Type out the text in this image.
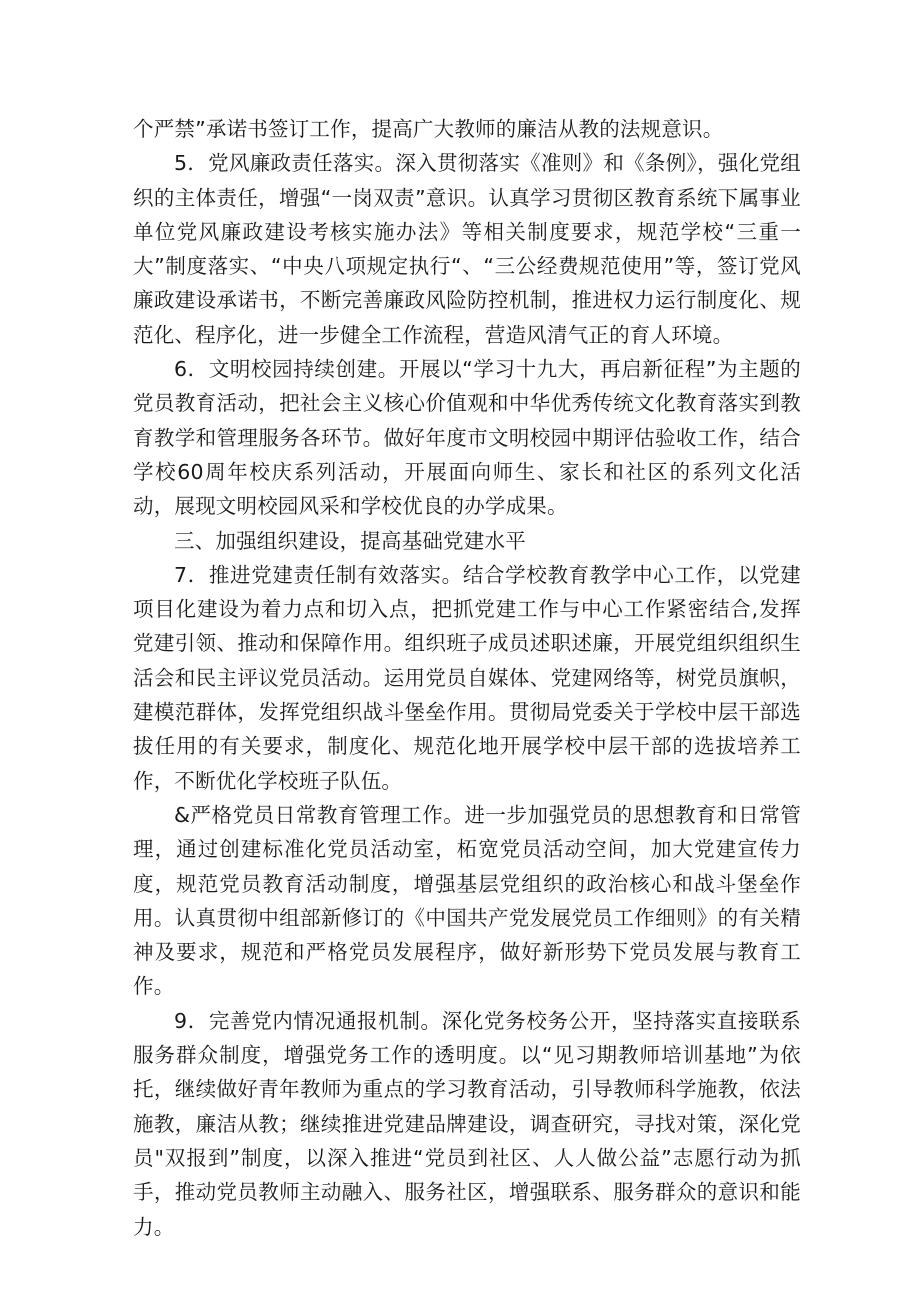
个严禁”承诺书签订工作，提高广大教师的廉洁从教的法规意识。

5．党风廉政责任落实。深入贯彻落实《准则》和《条例》，强化党组织的主体责任，增强“一岗双责”意识。认真学习贯彻区教育系统下属事业单位党风廉政建设考核实施办法》等相关制度要求，规范学校“三重一大”制度落实、“中央八项规定执行“、“三公经费规范使用”等，签订党风廉政建设承诺书，不断完善廉政风险防控机制，推进权力运行制度化、规范化、程序化，进一步健全工作流程，营造风清气正的育人环境。

6．文明校园持续创建。开展以“学习十九大，再启新征程”为主题的党员教育活动，把社会主义核心价值观和中华优秀传统文化教育落实到教育教学和管理服务各环节。做好年度市文明校园中期评估验收工作，结合学校60周年校庆系列活动，开展面向师生、家长和社区的系列文化活动，展现文明校园风采和学校优良的办学成果。

三、加强组织建设，提高基础党建水平

7．推进党建责任制有效落实。结合学校教育教学中心工作，以党建项目化建设为着力点和切入点，把抓党建工作与中心工作紧密结合,发挥党建引领、推动和保障作用。组织班子成员述职述廉，开展党组织组织生活会和民主评议党员活动。运用党员自媒体、党建网络等，树党员旗帜，建模范群体，发挥党组织战斗堡垒作用。贯彻局党委关于学校中层干部选拔任用的有关要求，制度化、规范化地开展学校中层干部的选拔培养工作，不断优化学校班子队伍。

&严格党员日常教育管理工作。进一步加强党员的思想教育和日常管理，通过创建标准化党员活动室，柘宽党员活动空间，加大党建宣传力度，规范党员教育活动制度，增强基层党组织的政治核心和战斗堡垒作用。认真贯彻中组部新修订的《中国共产党发展党员工作细则》的有关精神及要求，规范和严格党员发展程序，做好新形势下党员发展与教育工作。

9．完善党内情况通报机制。深化党务校务公开，坚持落实直接联系服务群众制度，增强党务工作的透明度。以“见习期教师培训基地”为依托，继续做好青年教师为重点的学习教育活动，引导教师科学施教，依法施教，廉洁从教；继续推进党建品牌建设，调查研究，寻找对策，深化党员"双报到”制度，以深入推进“党员到社区、人人做公益”志愿行动为抓手，推动党员教师主动融入、服务社区，增强联系、服务群众的意识和能力。
